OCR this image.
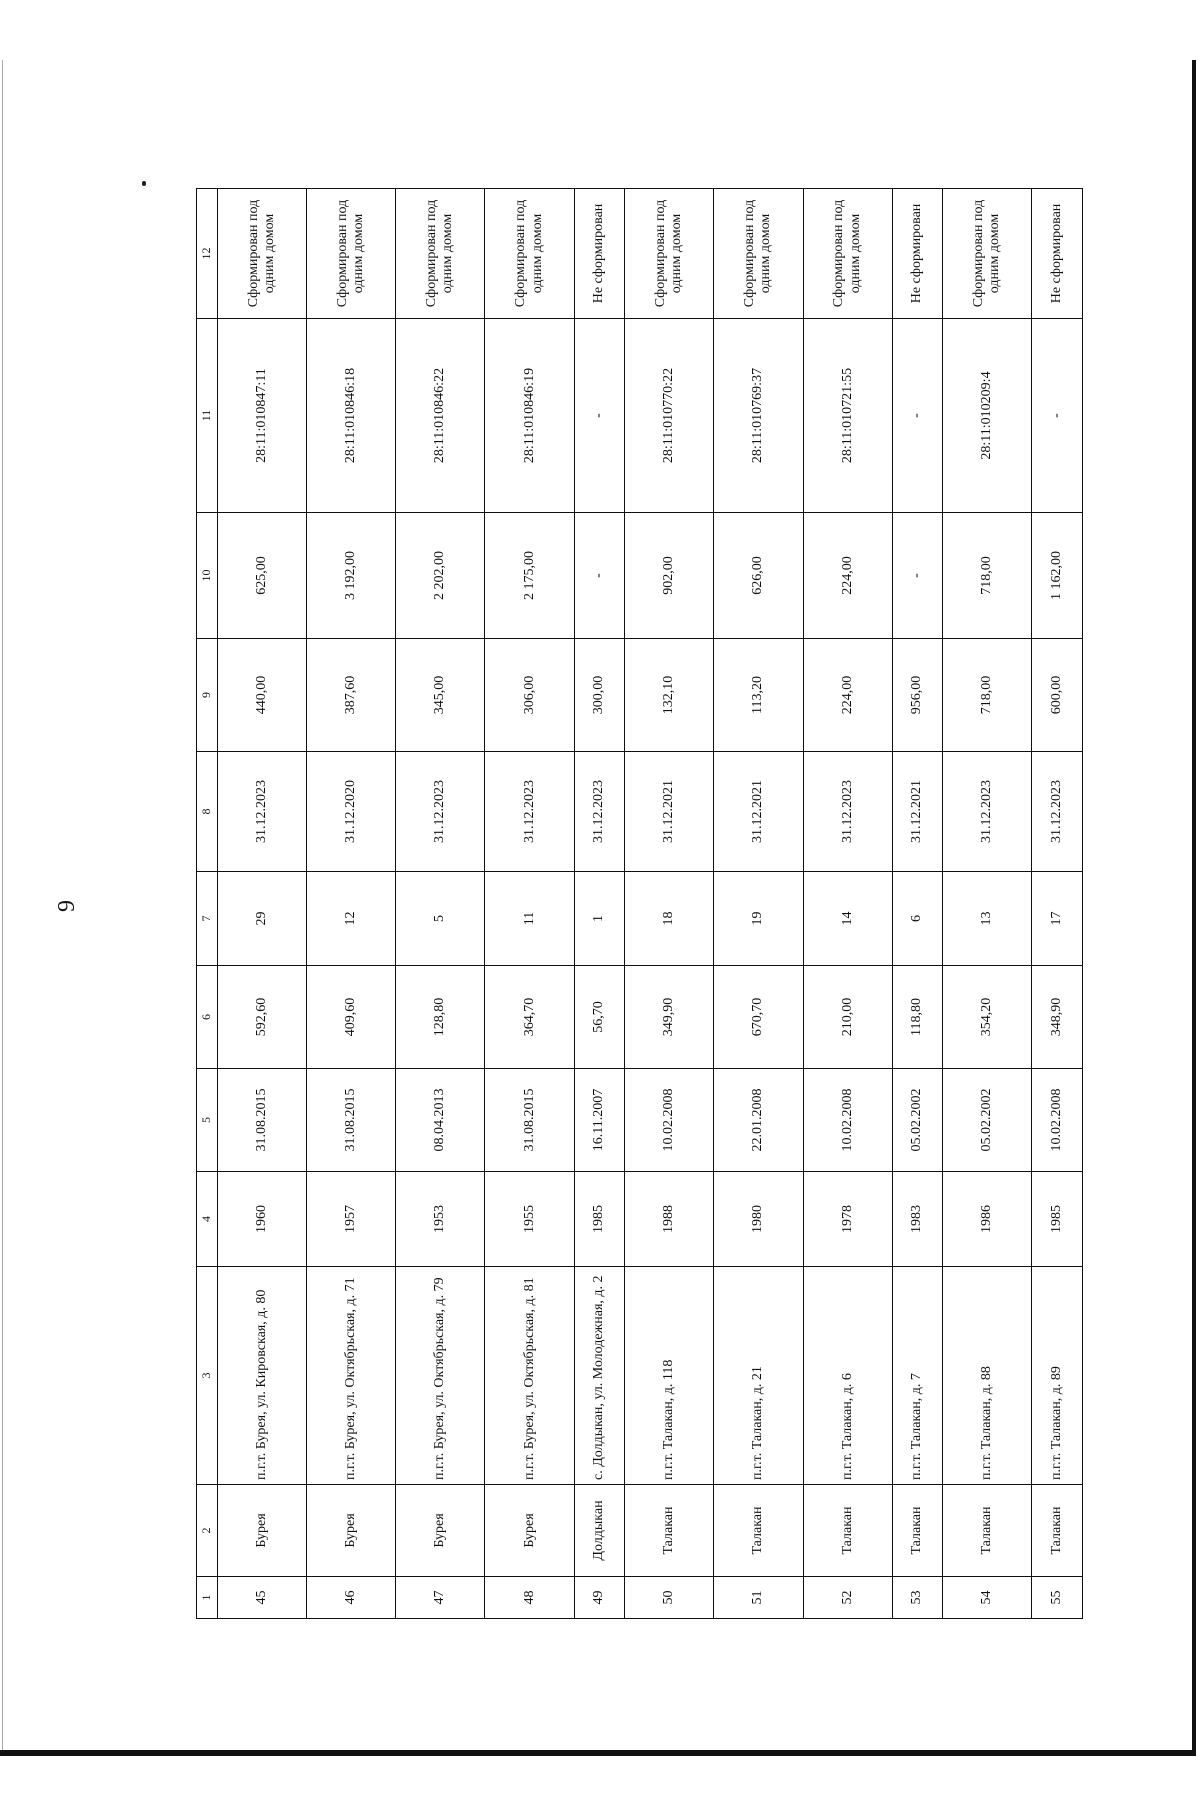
9
1	2	3	4	5	6	7	8	9	10	11	12
45	Бурея	п.г.т. Бурея, ул. Кировская, д. 80	1960	31.08.2015	592,60	29	31.12.2023	440,00	625,00	28:11:010847:11	Сформирован под одним домом
46	Бурея	п.г.т. Бурея, ул. Октябрьская, д. 71	1957	31.08.2015	409,60	12	31.12.2020	387,60	3 192,00	28:11:010846:18	Сформирован под одним домом
47	Бурея	п.г.т. Бурея, ул. Октябрьская, д. 79	1953	08.04.2013	128,80	5	31.12.2023	345,00	2 202,00	28:11:010846:22	Сформирован под одним домом
48	Бурея	п.г.т. Бурея, ул. Октябрьская, д. 81	1955	31.08.2015	364,70	11	31.12.2023	306,00	2 175,00	28:11:010846:19	Сформирован под одним домом
49	Долдыкан	с. Долдыкан, ул. Молодежная, д. 2	1985	16.11.2007	56,70	1	31.12.2023	300,00	-	-	Не сформирован
50	Талакан	п.г.т. Талакан, д. 118	1988	10.02.2008	349,90	18	31.12.2021	132,10	902,00	28:11:010770:22	Сформирован под одним домом
51	Талакан	п.г.т. Талакан, д. 21	1980	22.01.2008	670,70	19	31.12.2021	113,20	626,00	28:11:010769:37	Сформирован под одним домом
52	Талакан	п.г.т. Талакан, д. 6	1978	10.02.2008	210,00	14	31.12.2023	224,00	224,00	28:11:010721:55	Сформирован под одним домом
53	Талакан	п.г.т. Талакан, д. 7	1983	05.02.2002	118,80	6	31.12.2021	956,00	-	-	Не сформирован
54	Талакан	п.г.т. Талакан, д. 88	1986	05.02.2002	354,20	13	31.12.2023	718,00	718,00	28:11:010209:4	Сформирован под одним домом
55	Талакан	п.г.т. Талакан, д. 89	1985	10.02.2008	348,90	17	31.12.2023	600,00	1 162,00	-	Не сформирован
